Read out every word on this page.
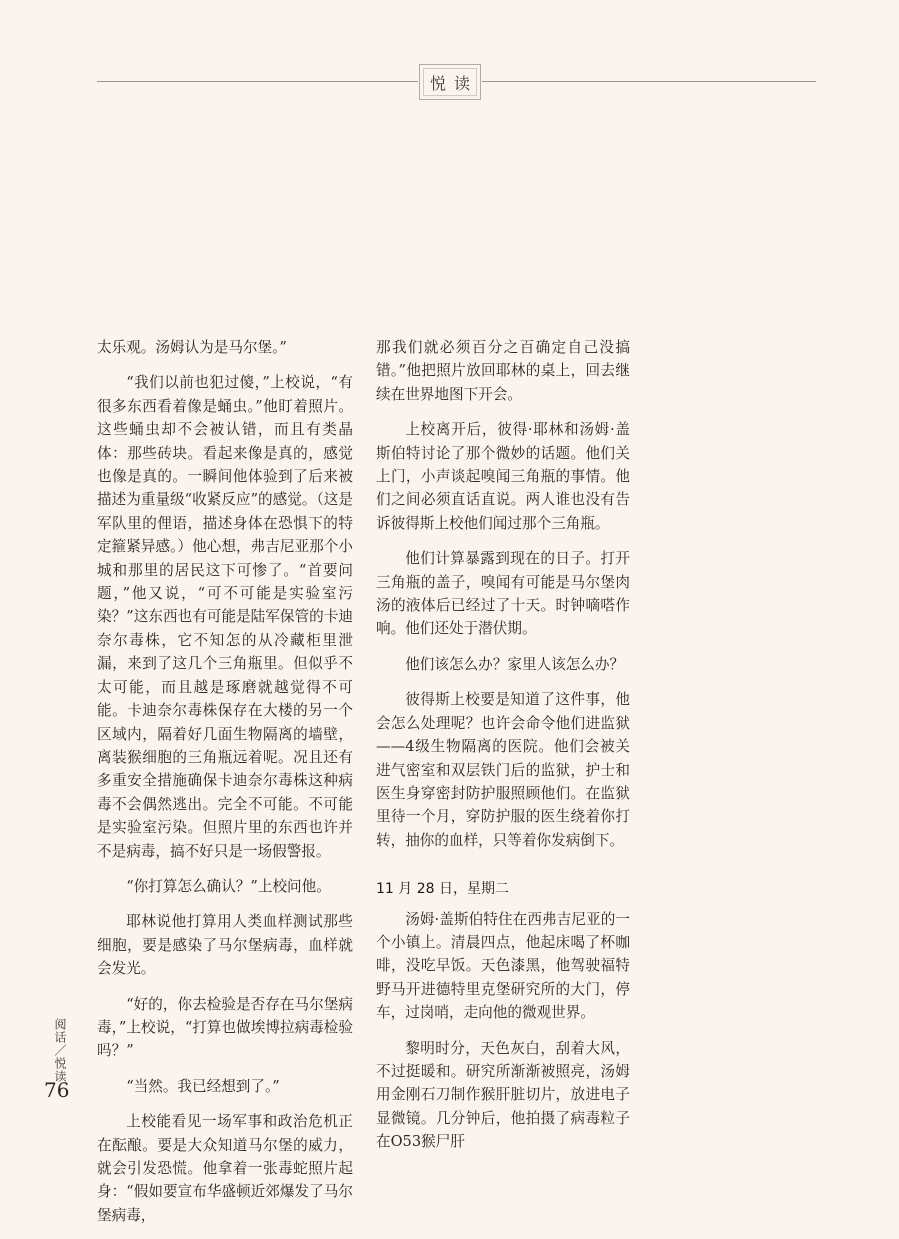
悦读

太乐观。汤姆认为是马尔堡。”

“我们以前也犯过傻，”上校说，“有很多东西看着像是蛹虫。”他盯着照片。这些蛹虫却不会被认错，而且有类晶体：那些砖块。看起来像是真的，感觉也像是真的。一瞬间他体验到了后来被描述为重量级“收紧反应”的感觉。（这是军队里的俚语，描述身体在恐惧下的特定箍紧异感。）他心想，弗吉尼亚那个小城和那里的居民这下可惨了。“首要问题，”他又说，“可不可能是实验室污染？”这东西也有可能是陆军保管的卡迪奈尔毒株，它不知怎的从冷藏柜里泄漏，来到了这几个三角瓶里。但似乎不太可能，而且越是琢磨就越觉得不可能。卡迪奈尔毒株保存在大楼的另一个区域内，隔着好几面生物隔离的墙壁，离装猴细胞的三角瓶远着呢。况且还有多重安全措施确保卡迪奈尔毒株这种病毒不会偶然逃出。完全不可能。不可能是实验室污染。但照片里的东西也许并不是病毒，搞不好只是一场假警报。

“你打算怎么确认？”上校问他。

耶林说他打算用人类血样测试那些细胞，要是感染了马尔堡病毒，血样就会发光。

“好的，你去检验是否存在马尔堡病毒，”上校说，“打算也做埃博拉病毒检验吗？”

“当然。我已经想到了。”

上校能看见一场军事和政治危机正在酝酿。要是大众知道马尔堡的威力，就会引发恐慌。他拿着一张毒蛇照片起身：“假如要宣布华盛顿近郊爆发了马尔堡病毒，

那我们就必须百分之百确定自己没搞错。”他把照片放回耶林的桌上，回去继续在世界地图下开会。

上校离开后，彼得·耶林和汤姆·盖斯伯特讨论了那个微妙的话题。他们关上门，小声谈起嗅闻三角瓶的事情。他们之间必须直话直说。两人谁也没有告诉彼得斯上校他们闻过那个三角瓶。

他们计算暴露到现在的日子。打开三角瓶的盖子，嗅闻有可能是马尔堡肉汤的液体后已经过了十天。时钟嘀嗒作响。他们还处于潜伏期。

他们该怎么办？家里人该怎么办？

彼得斯上校要是知道了这件事，他会怎么处理呢？也许会命令他们进监狱——4级生物隔离的医院。他们会被关进气密室和双层铁门后的监狱，护士和医生身穿密封防护服照顾他们。在监狱里待一个月，穿防护服的医生绕着你打转，抽你的血样，只等着你发病倒下。

11 月 28 日，星期二

汤姆·盖斯伯特住在西弗吉尼亚的一个小镇上。清晨四点，他起床喝了杯咖啡，没吃早饭。天色漆黑，他驾驶福特野马开进德特里克堡研究所的大门，停车，过岗哨，走向他的微观世界。

黎明时分，天色灰白，刮着大风，不过挺暖和。研究所渐渐被照亮，汤姆用金刚石刀制作猴肝脏切片，放进电子显微镜。几分钟后，他拍摄了病毒粒子在O53猴尸肝

阅话／悦读
76
